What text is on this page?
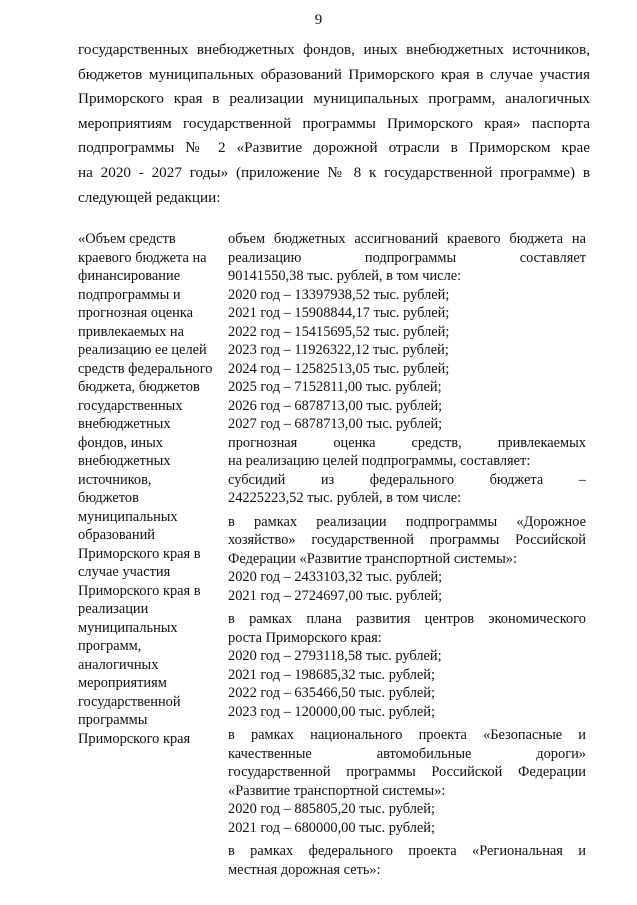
9
государственных внебюджетных фондов, иных внебюджетных источников,
бюджетов муниципальных образований Приморского края в случае участия
Приморского края в реализации муниципальных программ, аналогичных
мероприятиям государственной программы Приморского края» паспорта
подпрограммы № 2 «Развитие дорожной отрасли в Приморском крае
на 2020 - 2027 годы» (приложение № 8 к государственной программе) в
следующей редакции:
«Объем средств
краевого бюджета на
финансирование
подпрограммы и
прогнозная оценка
привлекаемых на
реализацию ее целей
средств федерального
бюджета, бюджетов
государственных
внебюджетных
фондов, иных
внебюджетных
источников,
бюджетов
муниципальных
образований
Приморского края в
случае участия
Приморского края в
реализации
муниципальных
программ,
аналогичных
мероприятиям
государственной
программы
Приморского края
объем бюджетных ассигнований краевого бюджета на
реализацию подпрограммы составляет
90141550,38 тыс. рублей, в том числе:
2020 год – 13397938,52 тыс. рублей;
2021 год – 15908844,17 тыс. рублей;
2022 год – 15415695,52 тыс. рублей;
2023 год – 11926322,12 тыс. рублей;
2024 год – 12582513,05 тыс. рублей;
2025 год – 7152811,00 тыс. рублей;
2026 год – 6878713,00 тыс. рублей;
2027 год – 6878713,00 тыс. рублей;
прогнозная оценка средств, привлекаемых
на реализацию целей подпрограммы, составляет:
субсидий из федерального бюджета –
24225223,52 тыс. рублей, в том числе:
в рамках реализации подпрограммы «Дорожное
хозяйство» государственной программы Российской
Федерации «Развитие транспортной системы»:
2020 год – 2433103,32 тыс. рублей;
2021 год – 2724697,00 тыс. рублей;
в рамках плана развития центров экономического
роста Приморского края:
2020 год – 2793118,58 тыс. рублей;
2021 год – 198685,32 тыс. рублей;
2022 год – 635466,50 тыс. рублей;
2023 год – 120000,00 тыс. рублей;
в рамках национального проекта «Безопасные и
качественные автомобильные дороги»
государственной программы Российской Федерации
«Развитие транспортной системы»:
2020 год – 885805,20 тыс. рублей;
2021 год – 680000,00 тыс. рублей;
в рамках федерального проекта «Региональная и
местная дорожная сеть»:
